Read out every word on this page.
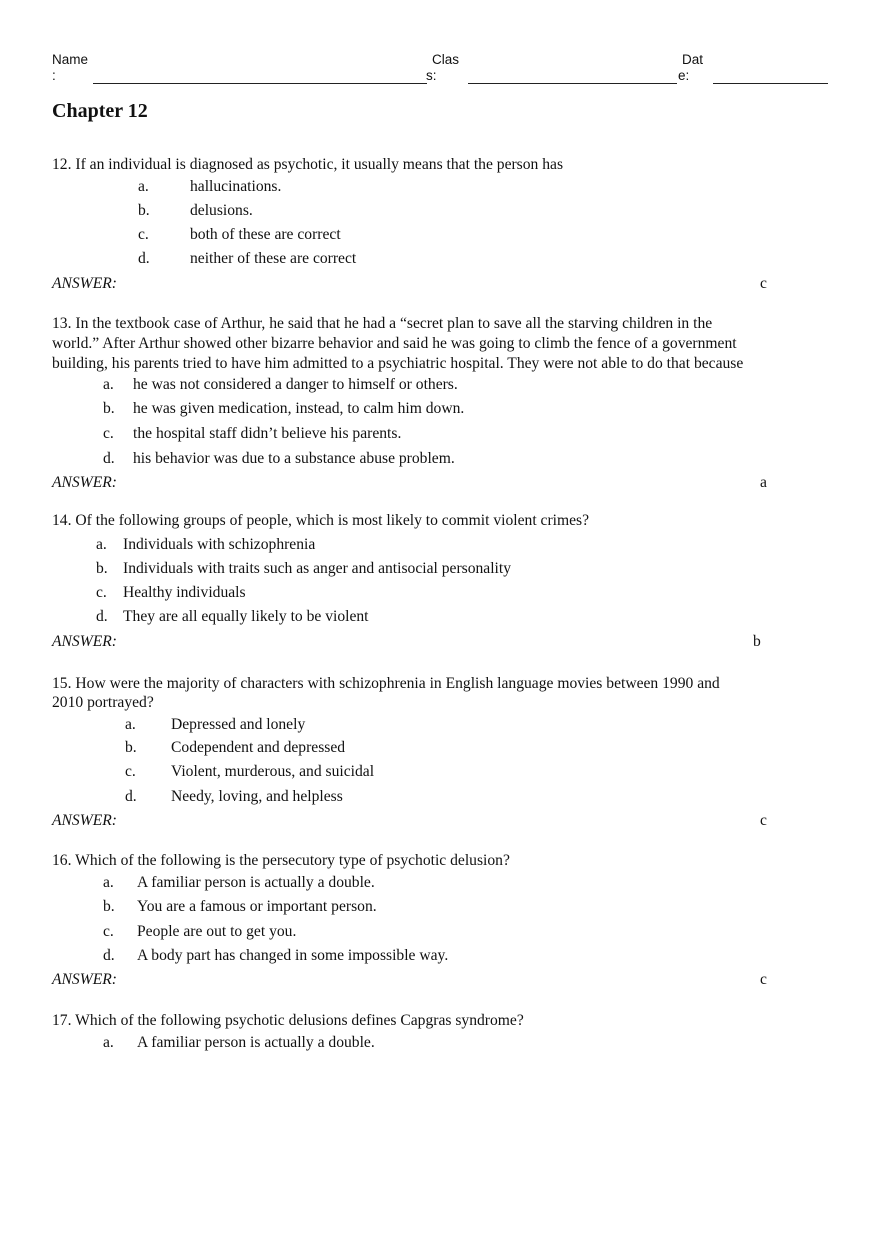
Name
:
Clas
s:
Dat
e:
Chapter 12
12. If an individual is diagnosed as psychotic, it usually means that the person has
a.	hallucinations.
b.	delusions.
c.	both of these are correct
d.	neither of these are correct
ANSWER:	c
13. In the textbook case of Arthur, he said that he had a “secret plan to save all the starving children in the
world.” After Arthur showed other bizarre behavior and said he was going to climb the fence of a government
building, his parents tried to have him admitted to a psychiatric hospital. They were not able to do that because
a. he was not considered a danger to himself or others.
b. he was given medication, instead, to calm him down.
c. the hospital staff didn’t believe his parents.
d. his behavior was due to a substance abuse problem.
ANSWER:	a
14. Of the following groups of people, which is most likely to commit violent crimes?
a. Individuals with schizophrenia
b. Individuals with traits such as anger and antisocial personality
c. Healthy individuals
d. They are all equally likely to be violent
ANSWER:	b
15. How were the majority of characters with schizophrenia in English language movies between 1990 and
2010 portrayed?
a. Depressed and lonely
b. Codependent and depressed
c. Violent, murderous, and suicidal
d. Needy, loving, and helpless
ANSWER:	c
16. Which of the following is the persecutory type of psychotic delusion?
a. A familiar person is actually a double.
b. You are a famous or important person.
c. People are out to get you.
d. A body part has changed in some impossible way.
ANSWER:	c
17. Which of the following psychotic delusions defines Capgras syndrome?
a. A familiar person is actually a double.
